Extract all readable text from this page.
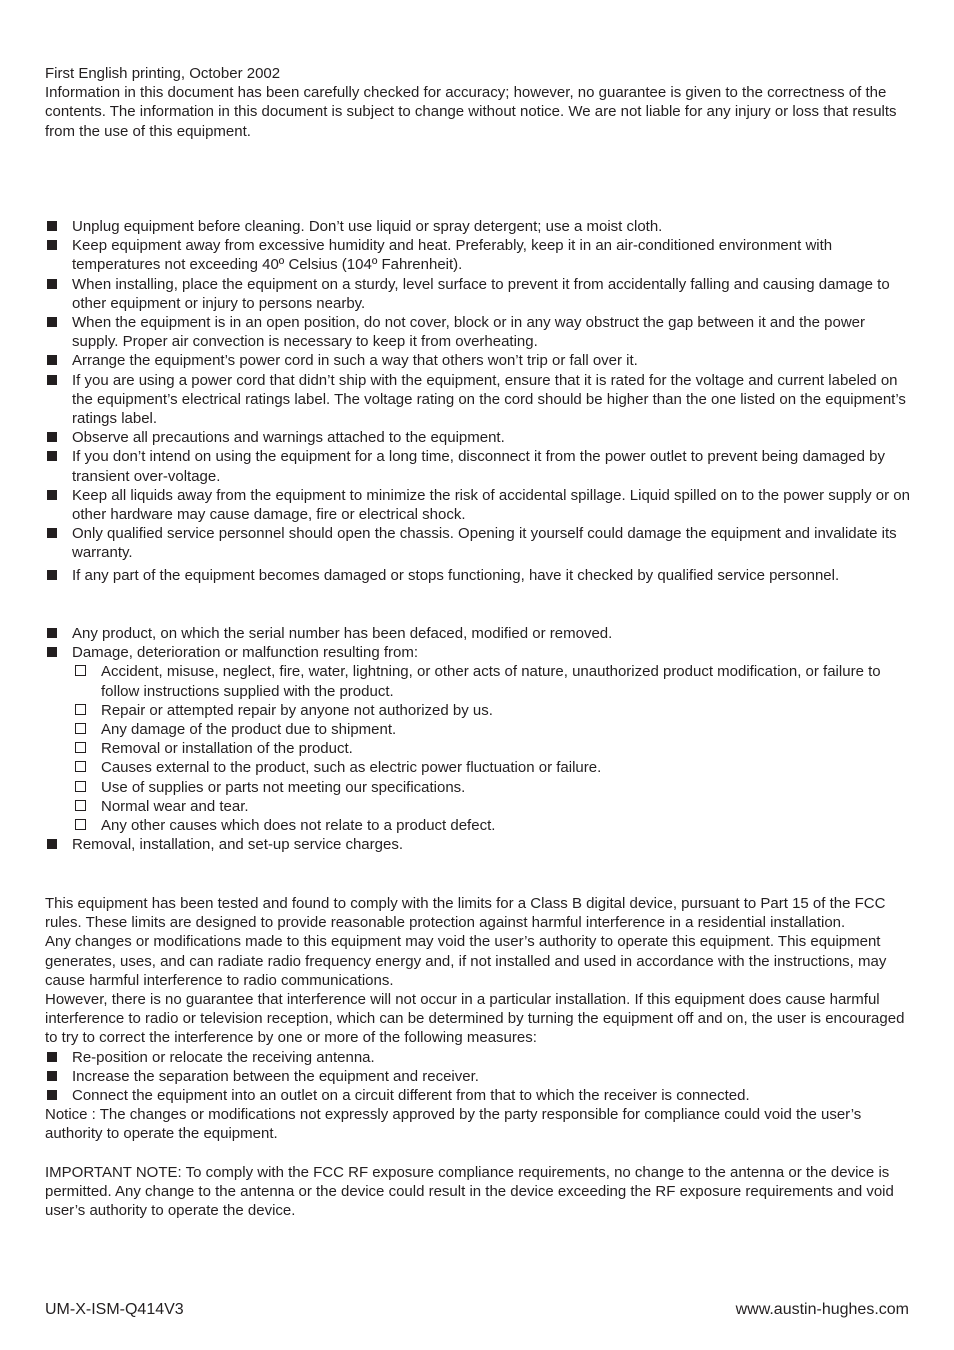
First English printing, October 2002

Information in this document has been carefully checked for accuracy; however, no guarantee is given to the correctness of the contents. The information in this document is subject to change without notice. We are not liable for any injury or loss that results from the use of this equipment.

Unplug equipment before cleaning. Don’t use liquid or spray detergent; use a moist cloth.
Keep equipment away from excessive humidity and heat. Preferably, keep it in an air-conditioned environment with temperatures not exceeding 40º Celsius (104º Fahrenheit).
When installing, place the equipment on a sturdy, level surface to prevent it from accidentally falling and causing damage to other equipment or injury to persons nearby.
When the equipment is in an open position, do not cover, block or in any way obstruct the gap between it and the power supply. Proper air convection is necessary to keep it from overheating.
Arrange the equipment’s power cord in such a way that others won’t trip or fall over it.
If you are using a power cord that didn’t ship with the equipment, ensure that it is rated for the voltage and current labeled on the equipment’s electrical ratings label. The voltage rating on the cord should be higher than the one listed on the equipment’s ratings label.
Observe all precautions and warnings attached to the equipment.
If you don’t intend on using the equipment for a long time, disconnect it from the power outlet to prevent being damaged by transient over-voltage.
Keep all liquids away from the equipment to minimize the risk of accidental spillage. Liquid spilled on to the power supply or on other hardware may cause damage, fire or electrical shock.
Only qualified service personnel should open the chassis. Opening it yourself could damage the equipment and invalidate its warranty.
If any part of the equipment becomes damaged or stops functioning, have it checked by qualified service personnel.
Any product, on which the serial number has been defaced, modified or removed.
Damage, deterioration or malfunction resulting from:
Accident, misuse, neglect, fire, water, lightning, or other acts of nature, unauthorized product modification, or failure to follow instructions supplied with the product.
Repair or attempted repair by anyone not authorized by us.
Any damage of the product due to shipment.
Removal or installation of the product.
Causes external to the product, such as electric power fluctuation or failure.
Use of supplies or parts not meeting our specifications.
Normal wear and tear.
Any other causes which does not relate to a product defect.
Removal, installation, and set-up service charges.

This equipment has been tested and found to comply with the limits for a Class B digital device, pursuant to Part 15 of the FCC rules. These limits are designed to provide reasonable protection against harmful interference in a residential installation.

Any changes or modifications made to this equipment may void the user’s authority to operate this equipment. This equipment generates, uses, and can radiate radio frequency energy and, if not installed and used in accordance with the instructions, may cause harmful interference to radio communications.

However, there is no guarantee that interference will not occur in a particular installation. If this equipment does cause harmful interference to radio or television reception, which can be determined by turning the equipment off and on, the user is encouraged to try to correct the interference by one or more of the following measures:

Re-position or relocate the receiving antenna.
Increase the separation between the equipment and receiver.
Connect the equipment into an outlet on a circuit different from that to which the receiver is connected.

Notice : The changes or modifications not expressly approved by the party responsible for compliance could void the user’s authority to operate the equipment.

IMPORTANT NOTE: To comply with the FCC RF exposure compliance requirements, no change to the antenna or the device is permitted. Any change to the antenna or the device could result in the device exceeding the RF exposure requirements and void user’s authority to operate the device.

UM-X-ISM-Q414V3	www.austin-hughes.com
